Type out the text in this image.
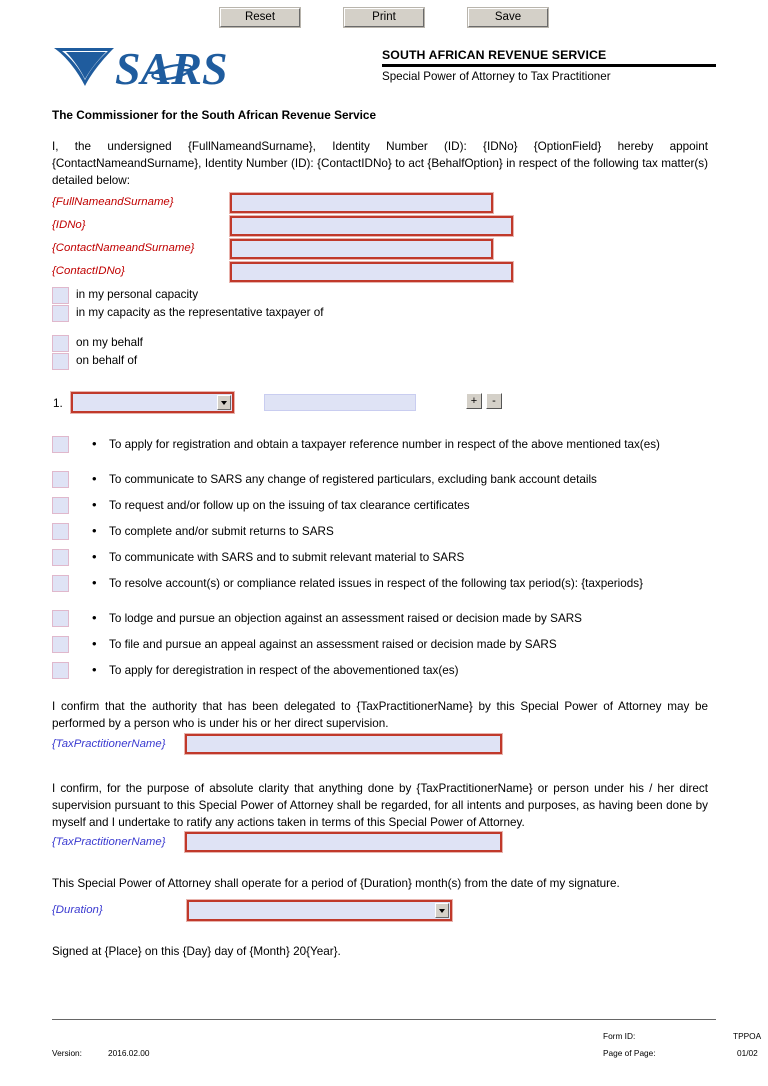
Reset	Print	Save
SARS	SOUTH AFRICAN REVENUE SERVICE
Special Power of Attorney to Tax Practitioner
The Commissioner for the South African Revenue Service
I, the undersigned {FullNameandSurname}, Identity Number (ID): {IDNo} {OptionField} hereby appoint {ContactNameandSurname}, Identity Number (ID): {ContactIDNo} to act {BehalfOption} in respect of the following tax matter(s) detailed below:
{FullNameandSurname}
{IDNo}
{ContactNameandSurname}
{ContactIDNo}
in my personal capacity
in my capacity as the representative taxpayer of
on my behalf
on behalf of
1.	+	-
• To apply for registration and obtain a taxpayer reference number in respect of the above mentioned tax(es)
• To communicate to SARS any change of registered particulars, excluding bank account details
• To request and/or follow up on the issuing of tax clearance certificates
• To complete and/or submit returns to SARS
• To communicate with SARS and to submit relevant material to SARS
• To resolve account(s) or compliance related issues in respect of the following tax period(s): {taxperiods}
• To lodge and pursue an objection against an assessment raised or decision made by SARS
• To file and pursue an appeal against an assessment raised or decision made by SARS
• To apply for deregistration in respect of the abovementioned tax(es)
I confirm that the authority that has been delegated to {TaxPractitionerName} by this Special Power of Attorney may be performed by a person who is under his or her direct supervision.
{TaxPractitionerName}
I confirm, for the purpose of absolute clarity that anything done by {TaxPractitionerName} or person under his / her direct supervision pursuant to this Special Power of Attorney shall be regarded, for all intents and purposes, as having been done by myself and I undertake to ratify any actions taken in terms of this Special Power of Attorney.
{TaxPractitionerName}
This Special Power of Attorney shall operate for a period of {Duration} month(s) from the date of my signature.
{Duration}
Signed at {Place} on this {Day} day of {Month} 20{Year}.
Version:	2016.02.00
Form ID:	TPPOA
Page of Page:	01/02
